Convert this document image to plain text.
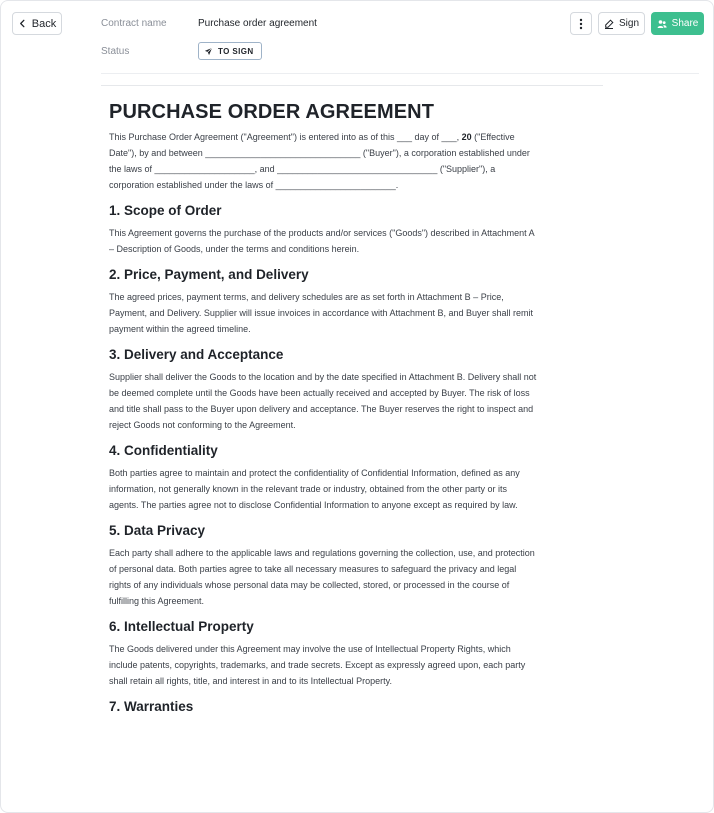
Back	Contract name	Purchase order agreement
Status	TO SIGN
Sign	Share
PURCHASE ORDER AGREEMENT

This Purchase Order Agreement ("Agreement") is entered into as of this ___ day of ___, 20 ("Effective Date"), by and between _______________________________ ("Buyer"), a corporation established under the laws of ____________________, and ________________________________ ("Supplier"), a corporation established under the laws of ________________________.

1. Scope of Order

This Agreement governs the purchase of the products and/or services ("Goods") described in Attachment A – Description of Goods, under the terms and conditions herein.

2. Price, Payment, and Delivery

The agreed prices, payment terms, and delivery schedules are as set forth in Attachment B – Price, Payment, and Delivery. Supplier will issue invoices in accordance with Attachment B, and Buyer shall remit payment within the agreed timeline.

3. Delivery and Acceptance

Supplier shall deliver the Goods to the location and by the date specified in Attachment B. Delivery shall not be deemed complete until the Goods have been actually received and accepted by Buyer. The risk of loss and title shall pass to the Buyer upon delivery and acceptance. The Buyer reserves the right to inspect and reject Goods not conforming to the Agreement.

4. Confidentiality

Both parties agree to maintain and protect the confidentiality of Confidential Information, defined as any information, not generally known in the relevant trade or industry, obtained from the other party or its agents. The parties agree not to disclose Confidential Information to anyone except as required by law.

5. Data Privacy

Each party shall adhere to the applicable laws and regulations governing the collection, use, and protection of personal data. Both parties agree to take all necessary measures to safeguard the privacy and legal rights of any individuals whose personal data may be collected, stored, or processed in the course of fulfilling this Agreement.

6. Intellectual Property

The Goods delivered under this Agreement may involve the use of Intellectual Property Rights, which include patents, copyrights, trademarks, and trade secrets. Except as expressly agreed upon, each party shall retain all rights, title, and interest in and to its Intellectual Property.

7. Warranties
